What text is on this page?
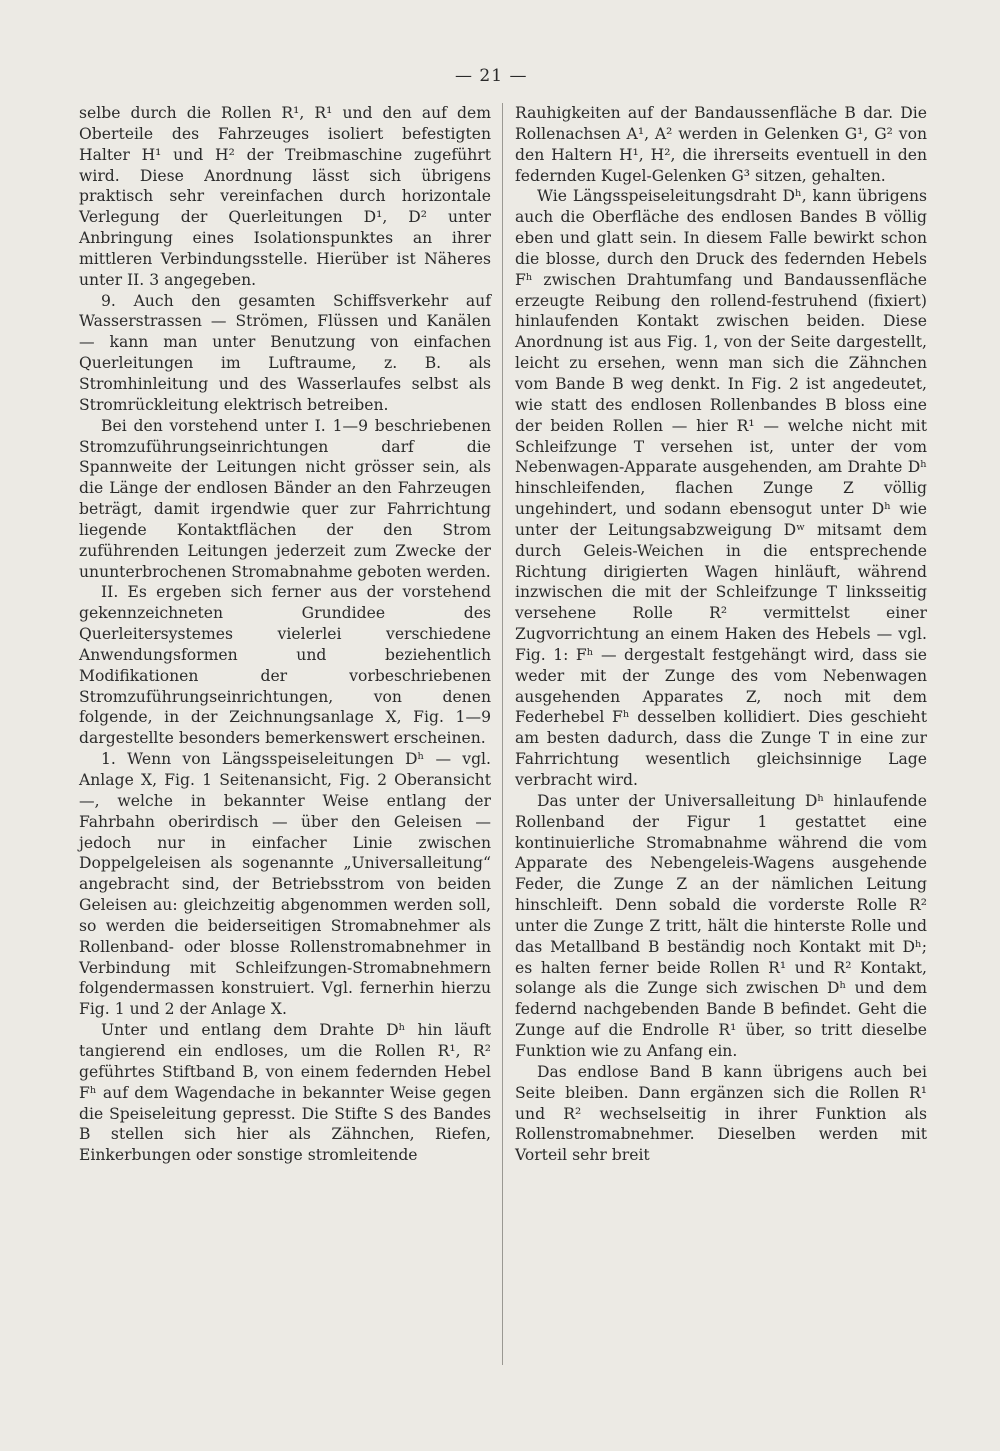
— 21 —

selbe durch die Rollen R¹, R¹ und den auf dem Oberteile des Fahrzeuges isoliert befestigten Halter H¹ und H² der Treibmaschine zugeführt wird. Diese Anordnung lässt sich übrigens praktisch sehr vereinfachen durch horizontale Verlegung der Querleitungen D¹, D² unter Anbringung eines Isolationspunktes an ihrer mittleren Verbindungsstelle. Hierüber ist Näheres unter II. 3 angegeben.

9. Auch den gesamten Schiffsverkehr auf Wasserstrassen — Strömen, Flüssen und Kanälen — kann man unter Benutzung von einfachen Querleitungen im Luftraume, z. B. als Stromhinleitung und des Wasserlaufes selbst als Stromrückleitung elektrisch betreiben.

Bei den vorstehend unter I. 1—9 beschriebenen Stromzuführungseinrichtungen darf die Spannweite der Leitungen nicht grösser sein, als die Länge der endlosen Bänder an den Fahrzeugen beträgt, damit irgendwie quer zur Fahrrichtung liegende Kontaktflächen der den Strom zuführenden Leitungen jederzeit zum Zwecke der ununterbrochenen Stromabnahme geboten werden.

II. Es ergeben sich ferner aus der vorstehend gekennzeichneten Grundidee des Querleitersystemes vielerlei verschiedene Anwendungsformen und beziehentlich Modifikationen der vorbeschriebenen Stromzuführungseinrichtungen, von denen folgende, in der Zeichnungsanlage X, Fig. 1—9 dargestellte besonders bemerkenswert erscheinen.

1. Wenn von Längsspeiseleitungen Dʰ — vgl. Anlage X, Fig. 1 Seitenansicht, Fig. 2 Oberansicht —, welche in bekannter Weise entlang der Fahrbahn oberirdisch — über den Geleisen — jedoch nur in einfacher Linie zwischen Doppelgeleisen als sogenannte „Universalleitung“ angebracht sind, der Betriebsstrom von beiden Geleisen au: gleichzeitig abgenommen werden soll, so werden die beiderseitigen Stromabnehmer als Rollenband- oder blosse Rollenstromabnehmer in Verbindung mit Schleifzungen-Stromabnehmern folgendermassen konstruiert. Vgl. fernerhin hierzu Fig. 1 und 2 der Anlage X.

Unter und entlang dem Drahte Dʰ hin läuft tangierend ein endloses, um die Rollen R¹, R² geführtes Stiftband B, von einem federnden Hebel Fʰ auf dem Wagendache in bekannter Weise gegen die Speiseleitung gepresst. Die Stifte S des Bandes B stellen sich hier als Zähnchen, Riefen, Einkerbungen oder sonstige stromleitende

Rauhigkeiten auf der Bandaussenfläche B dar. Die Rollenachsen A¹, A² werden in Gelenken G¹, G² von den Haltern H¹, H², die ihrerseits eventuell in den federnden Kugel-Gelenken G³ sitzen, gehalten.

Wie Längsspeiseleitungsdraht Dʰ, kann übrigens auch die Oberfläche des endlosen Bandes B völlig eben und glatt sein. In diesem Falle bewirkt schon die blosse, durch den Druck des federnden Hebels Fʰ zwischen Drahtumfang und Bandaussenfläche erzeugte Reibung den rollend-festruhend (fixiert) hinlaufenden Kontakt zwischen beiden. Diese Anordnung ist aus Fig. 1, von der Seite dargestellt, leicht zu ersehen, wenn man sich die Zähnchen vom Bande B weg denkt. In Fig. 2 ist angedeutet, wie statt des endlosen Rollenbandes B bloss eine der beiden Rollen — hier R¹ — welche nicht mit Schleifzunge T versehen ist, unter der vom Nebenwagen-Apparate ausgehenden, am Drahte Dʰ hinschleifenden, flachen Zunge Z völlig ungehindert, und sodann ebensogut unter Dʰ wie unter der Leitungsabzweigung Dʷ mitsamt dem durch Geleis-Weichen in die entsprechende Richtung dirigierten Wagen hinläuft, während inzwischen die mit der Schleifzunge T linksseitig versehene Rolle R² vermittelst einer Zugvorrichtung an einem Haken des Hebels — vgl. Fig. 1: Fʰ — dergestalt festgehängt wird, dass sie weder mit der Zunge des vom Nebenwagen ausgehenden Apparates Z, noch mit dem Federhebel Fʰ desselben kollidiert. Dies geschieht am besten dadurch, dass die Zunge T in eine zur Fahrrichtung wesentlich gleichsinnige Lage verbracht wird.

Das unter der Universalleitung Dʰ hinlaufende Rollenband der Figur 1 gestattet eine kontinuierliche Stromabnahme während die vom Apparate des Nebengeleis-Wagens ausgehende Feder, die Zunge Z an der nämlichen Leitung hinschleift. Denn sobald die vorderste Rolle R² unter die Zunge Z tritt, hält die hinterste Rolle und das Metallband B beständig noch Kontakt mit Dʰ; es halten ferner beide Rollen R¹ und R² Kontakt, solange als die Zunge sich zwischen Dʰ und dem federnd nachgebenden Bande B befindet. Geht die Zunge auf die Endrolle R¹ über, so tritt dieselbe Funktion wie zu Anfang ein.

Das endlose Band B kann übrigens auch bei Seite bleiben. Dann ergänzen sich die Rollen R¹ und R² wechselseitig in ihrer Funktion als Rollenstromabnehmer. Dieselben werden mit Vorteil sehr breit
